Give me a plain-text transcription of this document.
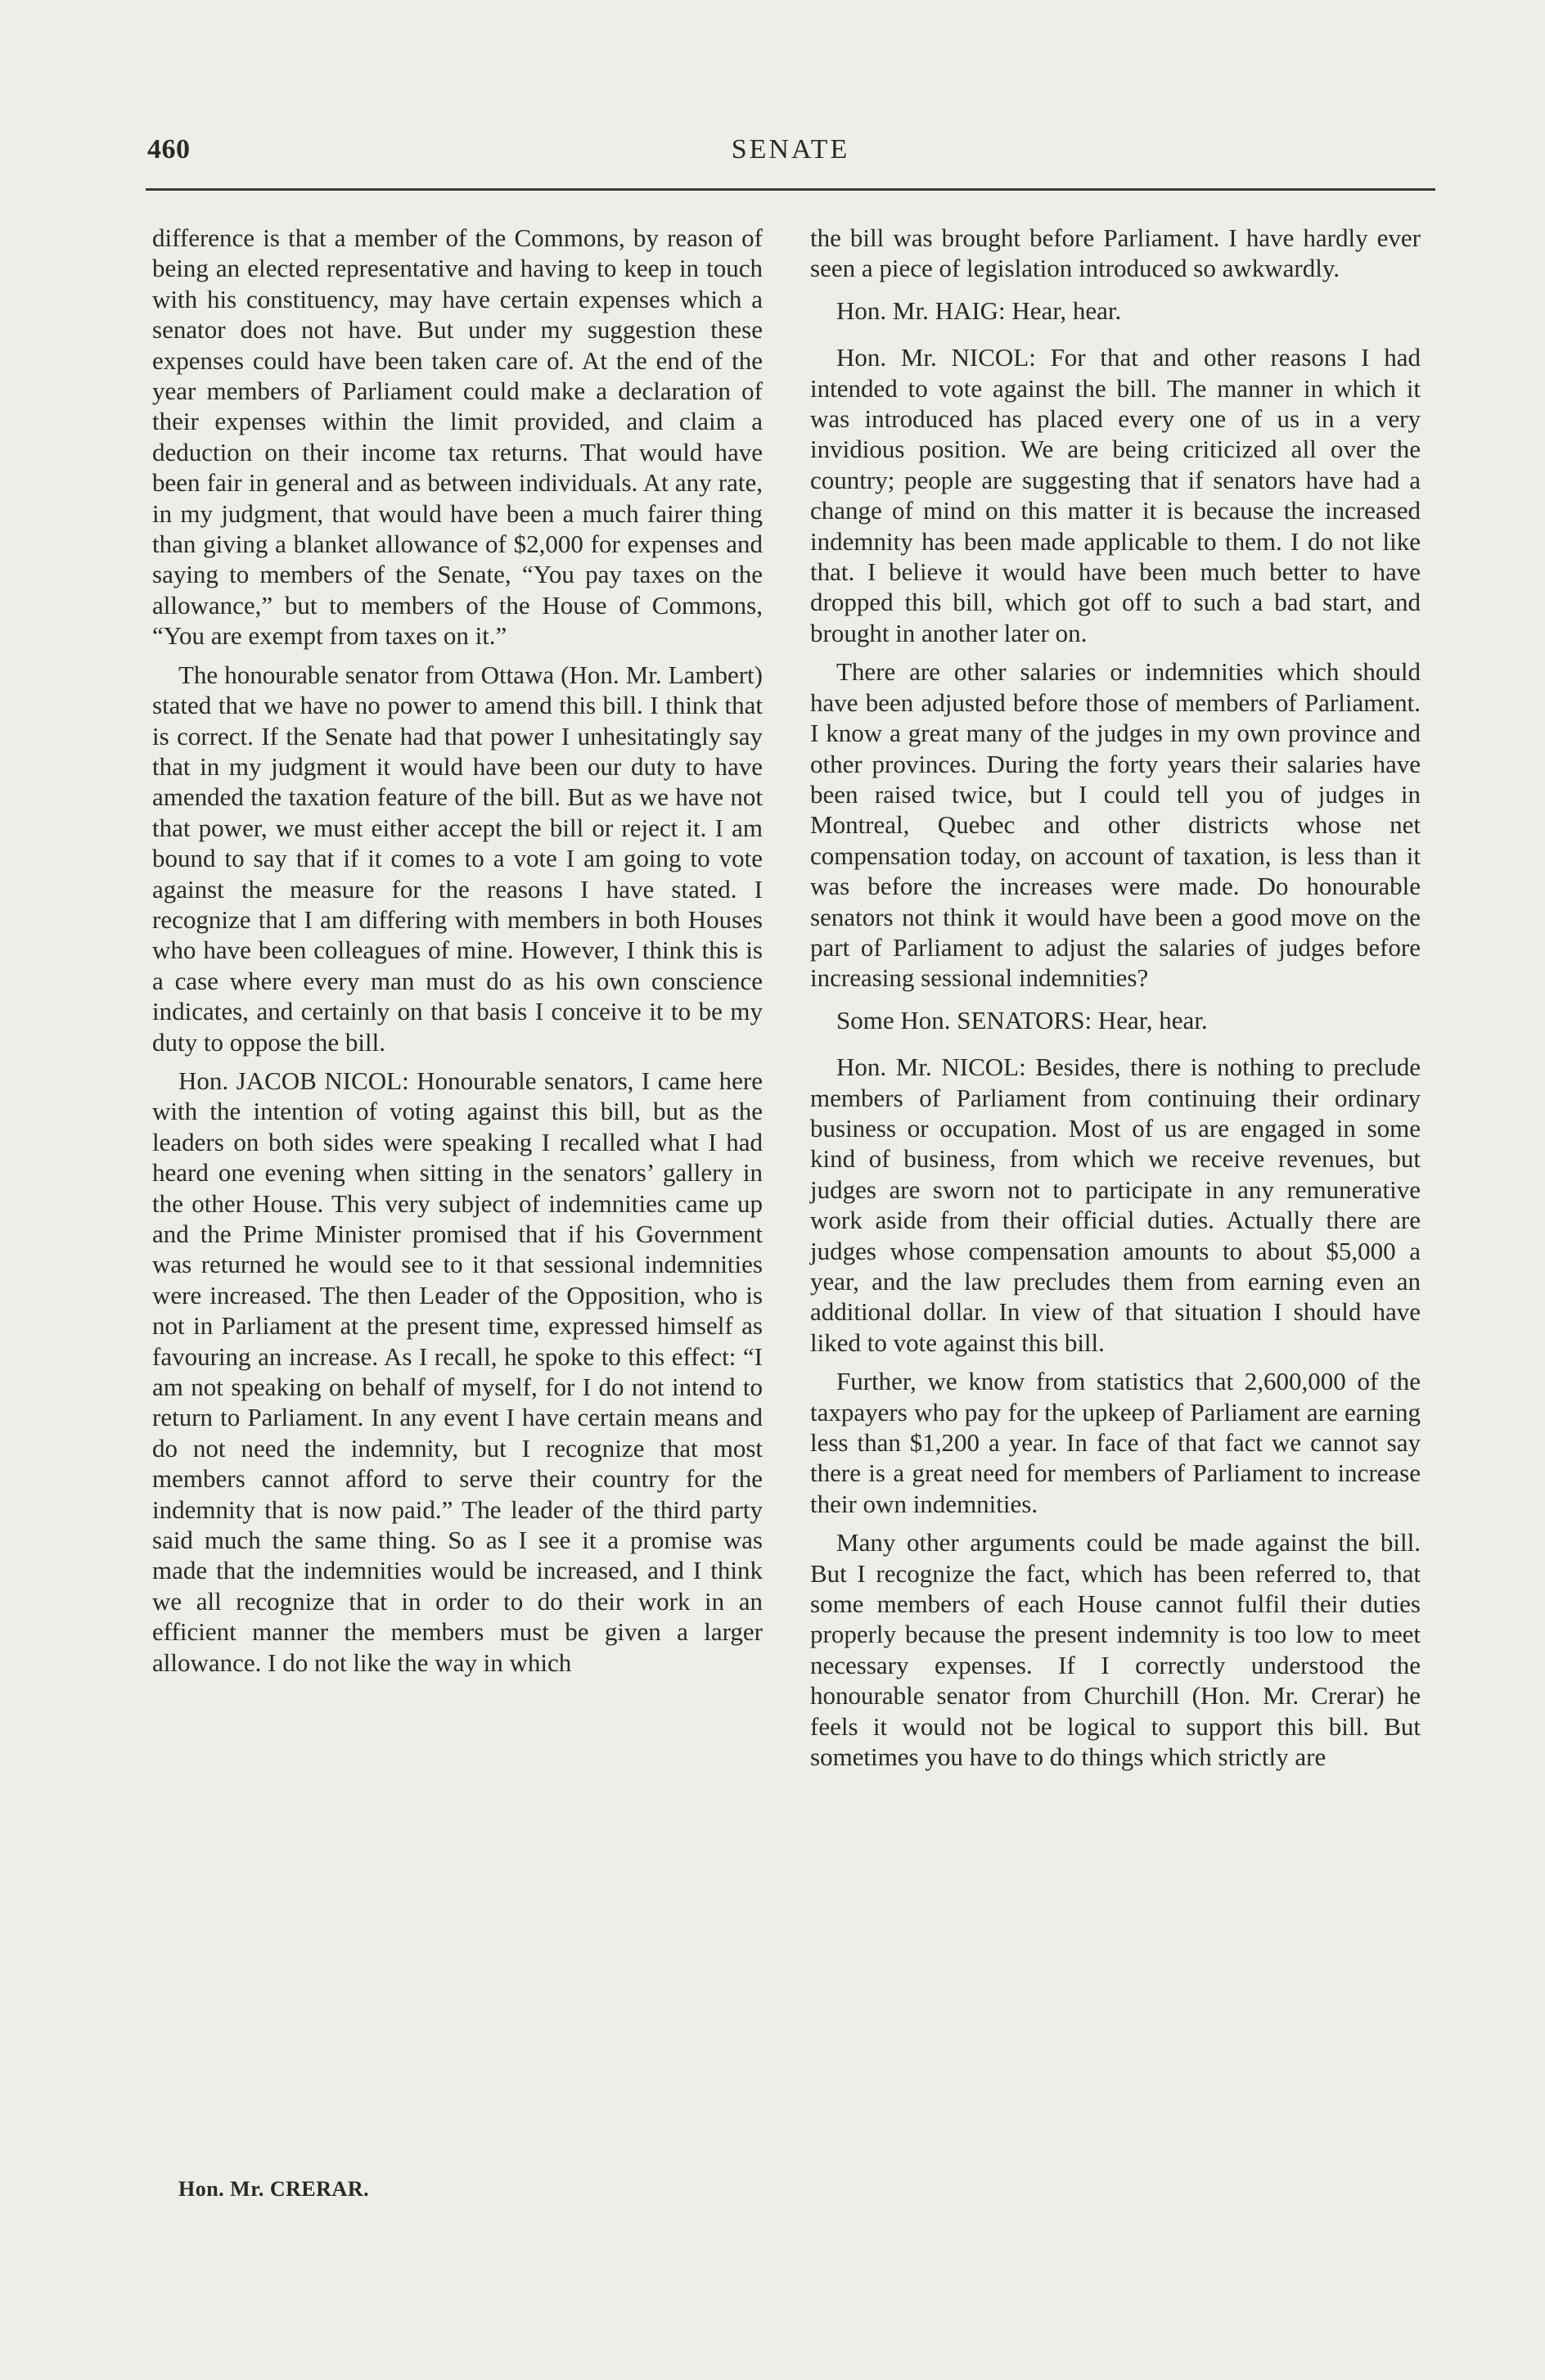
460	SENATE

difference is that a member of the Commons, by reason of being an elected representative and having to keep in touch with his constituency, may have certain expenses which a senator does not have. But under my suggestion these expenses could have been taken care of. At the end of the year members of Parliament could make a declaration of their expenses within the limit provided, and claim a deduction on their income tax returns. That would have been fair in general and as between individuals. At any rate, in my judgment, that would have been a much fairer thing than giving a blanket allowance of $2,000 for expenses and saying to members of the Senate, “You pay taxes on the allowance,” but to members of the House of Commons, “You are exempt from taxes on it.”

The honourable senator from Ottawa (Hon. Mr. Lambert) stated that we have no power to amend this bill. I think that is correct. If the Senate had that power I unhesitatingly say that in my judgment it would have been our duty to have amended the taxation feature of the bill. But as we have not that power, we must either accept the bill or reject it. I am bound to say that if it comes to a vote I am going to vote against the measure for the reasons I have stated. I recognize that I am differing with members in both Houses who have been colleagues of mine. However, I think this is a case where every man must do as his own conscience indicates, and certainly on that basis I conceive it to be my duty to oppose the bill.

Hon. JACOB NICOL: Honourable senators, I came here with the intention of voting against this bill, but as the leaders on both sides were speaking I recalled what I had heard one evening when sitting in the senators’ gallery in the other House. This very subject of indemnities came up and the Prime Minister promised that if his Government was returned he would see to it that sessional indemnities were increased. The then Leader of the Opposition, who is not in Parliament at the present time, expressed himself as favouring an increase. As I recall, he spoke to this effect: “I am not speaking on behalf of myself, for I do not intend to return to Parliament. In any event I have certain means and do not need the indemnity, but I recognize that most members cannot afford to serve their country for the indemnity that is now paid.” The leader of the third party said much the same thing. So as I see it a promise was made that the indemnities would be increased, and I think we all recognize that in order to do their work in an efficient manner the members must be given a larger allowance. I do not like the way in which

the bill was brought before Parliament. I have hardly ever seen a piece of legislation introduced so awkwardly.

Hon. Mr. HAIG: Hear, hear.

Hon. Mr. NICOL: For that and other reasons I had intended to vote against the bill. The manner in which it was introduced has placed every one of us in a very invidious position. We are being criticized all over the country; people are suggesting that if senators have had a change of mind on this matter it is because the increased indemnity has been made applicable to them. I do not like that. I believe it would have been much better to have dropped this bill, which got off to such a bad start, and brought in another later on.

There are other salaries or indemnities which should have been adjusted before those of members of Parliament. I know a great many of the judges in my own province and other provinces. During the forty years their salaries have been raised twice, but I could tell you of judges in Montreal, Quebec and other districts whose net compensation today, on account of taxation, is less than it was before the increases were made. Do honourable senators not think it would have been a good move on the part of Parliament to adjust the salaries of judges before increasing sessional indemnities?

Some Hon. SENATORS: Hear, hear.

Hon. Mr. NICOL: Besides, there is nothing to preclude members of Parliament from continuing their ordinary business or occupation. Most of us are engaged in some kind of business, from which we receive revenues, but judges are sworn not to participate in any remunerative work aside from their official duties. Actually there are judges whose compensation amounts to about $5,000 a year, and the law precludes them from earning even an additional dollar. In view of that situation I should have liked to vote against this bill.

Further, we know from statistics that 2,600,000 of the taxpayers who pay for the upkeep of Parliament are earning less than $1,200 a year. In face of that fact we cannot say there is a great need for members of Parliament to increase their own indemnities.

Many other arguments could be made against the bill. But I recognize the fact, which has been referred to, that some members of each House cannot fulfil their duties properly because the present indemnity is too low to meet necessary expenses. If I correctly understood the honourable senator from Churchill (Hon. Mr. Crerar) he feels it would not be logical to support this bill. But sometimes you have to do things which strictly are

Hon. Mr. CRERAR.
